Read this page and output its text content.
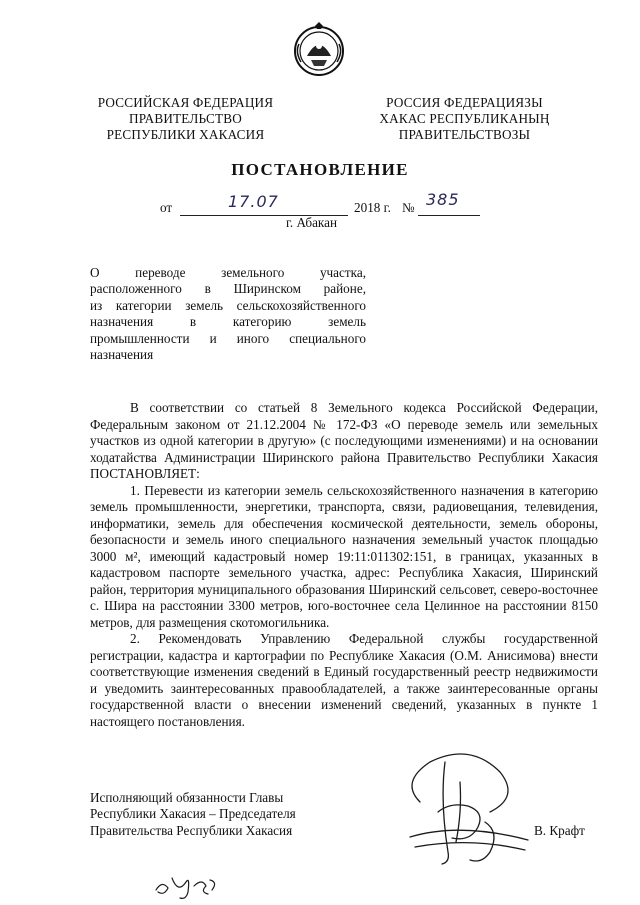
РОССИЙСКАЯ ФЕДЕРАЦИЯ
ПРАВИТЕЛЬСТВО
РЕСПУБЛИКИ ХАКАСИЯ
РОССИЯ ФЕДЕРАЦИЯЗЫ
ХАКАС РЕСПУБЛИКАНЫҢ
ПРАВИТЕЛЬСТВОЗЫ
ПОСТАНОВЛЕНИЕ
от	17.07	2018 г. № 385
г. Абакан
О переводе земельного участка,
расположенного в Ширинском районе,
из категории земель сельскохозяйственного
назначения в категорию земель
промышленности и иного специального
назначения

В соответствии со статьей 8 Земельного кодекса Российской Федерации, Федеральным законом от 21.12.2004 № 172-ФЗ «О переводе земель или земельных участков из одной категории в другую» (с последующими изменениями) и на основании ходатайства Администрации Ширинского района Правительство Республики Хакасия ПОСТАНОВЛЯЕТ:

1. Перевести из категории земель сельскохозяйственного назначения в категорию земель промышленности, энергетики, транспорта, связи, радиовещания, телевидения, информатики, земель для обеспечения космической деятельности, земель обороны, безопасности и земель иного специального назначения земельный участок площадью 3000 м², имеющий кадастровый номер 19:11:011302:151, в границах, указанных в кадастровом паспорте земельного участка, адрес: Республика Хакасия, Ширинский район, территория муниципального образования Ширинский сельсовет, северо-восточнее с. Шира на расстоянии 3300 метров, юго-восточнее села Целинное на расстоянии 8150 метров, для размещения скотомогильника.

2. Рекомендовать Управлению Федеральной службы государственной регистрации, кадастра и картографии по Республике Хакасия (О.М. Анисимова) внести соответствующие изменения сведений в Единый государственный реестр недвижимости и уведомить заинтересованных правообладателей, а также заинтересованные органы государственной власти о внесении изменений сведений, указанных в пункте 1 настоящего постановления.

Исполняющий обязанности Главы
Республики Хакасия – Председателя
Правительства Республики Хакасия	В. Крафт
